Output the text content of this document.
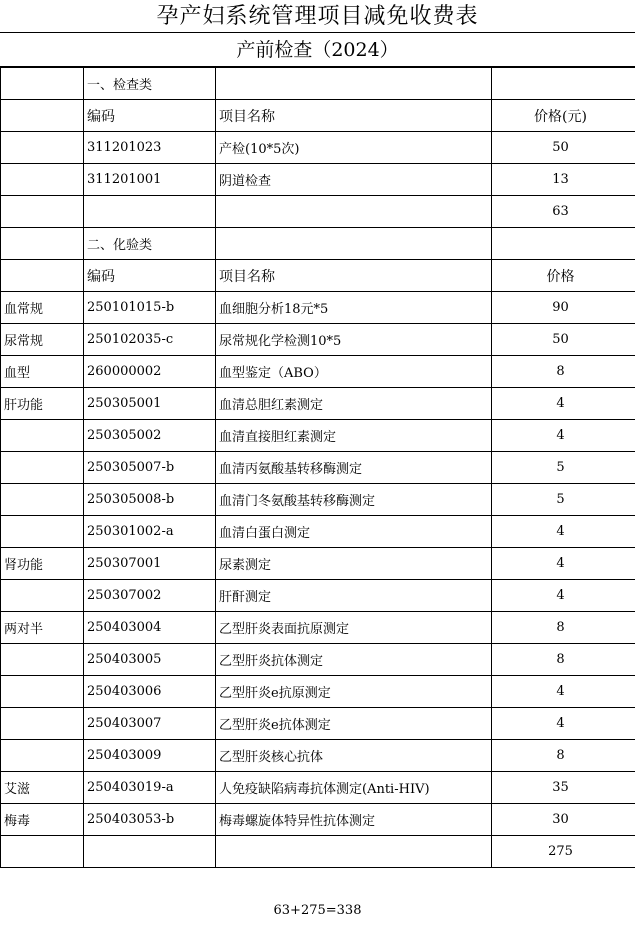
孕产妇系统管理项目减免收费表
产前检查（2024）
	一、检查类		
	编码	项目名称	价格(元)
	311201023	产检(10*5次)	50
	311201001	阴道检查	13
			63
	二、化验类		
	编码	项目名称	价格
血常规	250101015-b	血细胞分析18元*5	90
尿常规	250102035-c	尿常规化学检测10*5	50
血型	260000002	血型鉴定（ABO）	8
肝功能	250305001	血清总胆红素测定	4
	250305002	血清直接胆红素测定	4
	250305007-b	血清丙氨酸基转移酶测定	5
	250305008-b	血清门冬氨酸基转移酶测定	5
	250301002-a	血清白蛋白测定	4
肾功能	250307001	尿素测定	4
	250307002	肝酐测定	4
两对半	250403004	乙型肝炎表面抗原测定	8
	250403005	乙型肝炎抗体测定	8
	250403006	乙型肝炎e抗原测定	4
	250403007	乙型肝炎e抗体测定	4
	250403009	乙型肝炎核心抗体	8
艾滋	250403019-a	人免疫缺陷病毒抗体测定(Anti-HIV)	35
梅毒	250403053-b	梅毒螺旋体特异性抗体测定	30
			275
63+275=338
